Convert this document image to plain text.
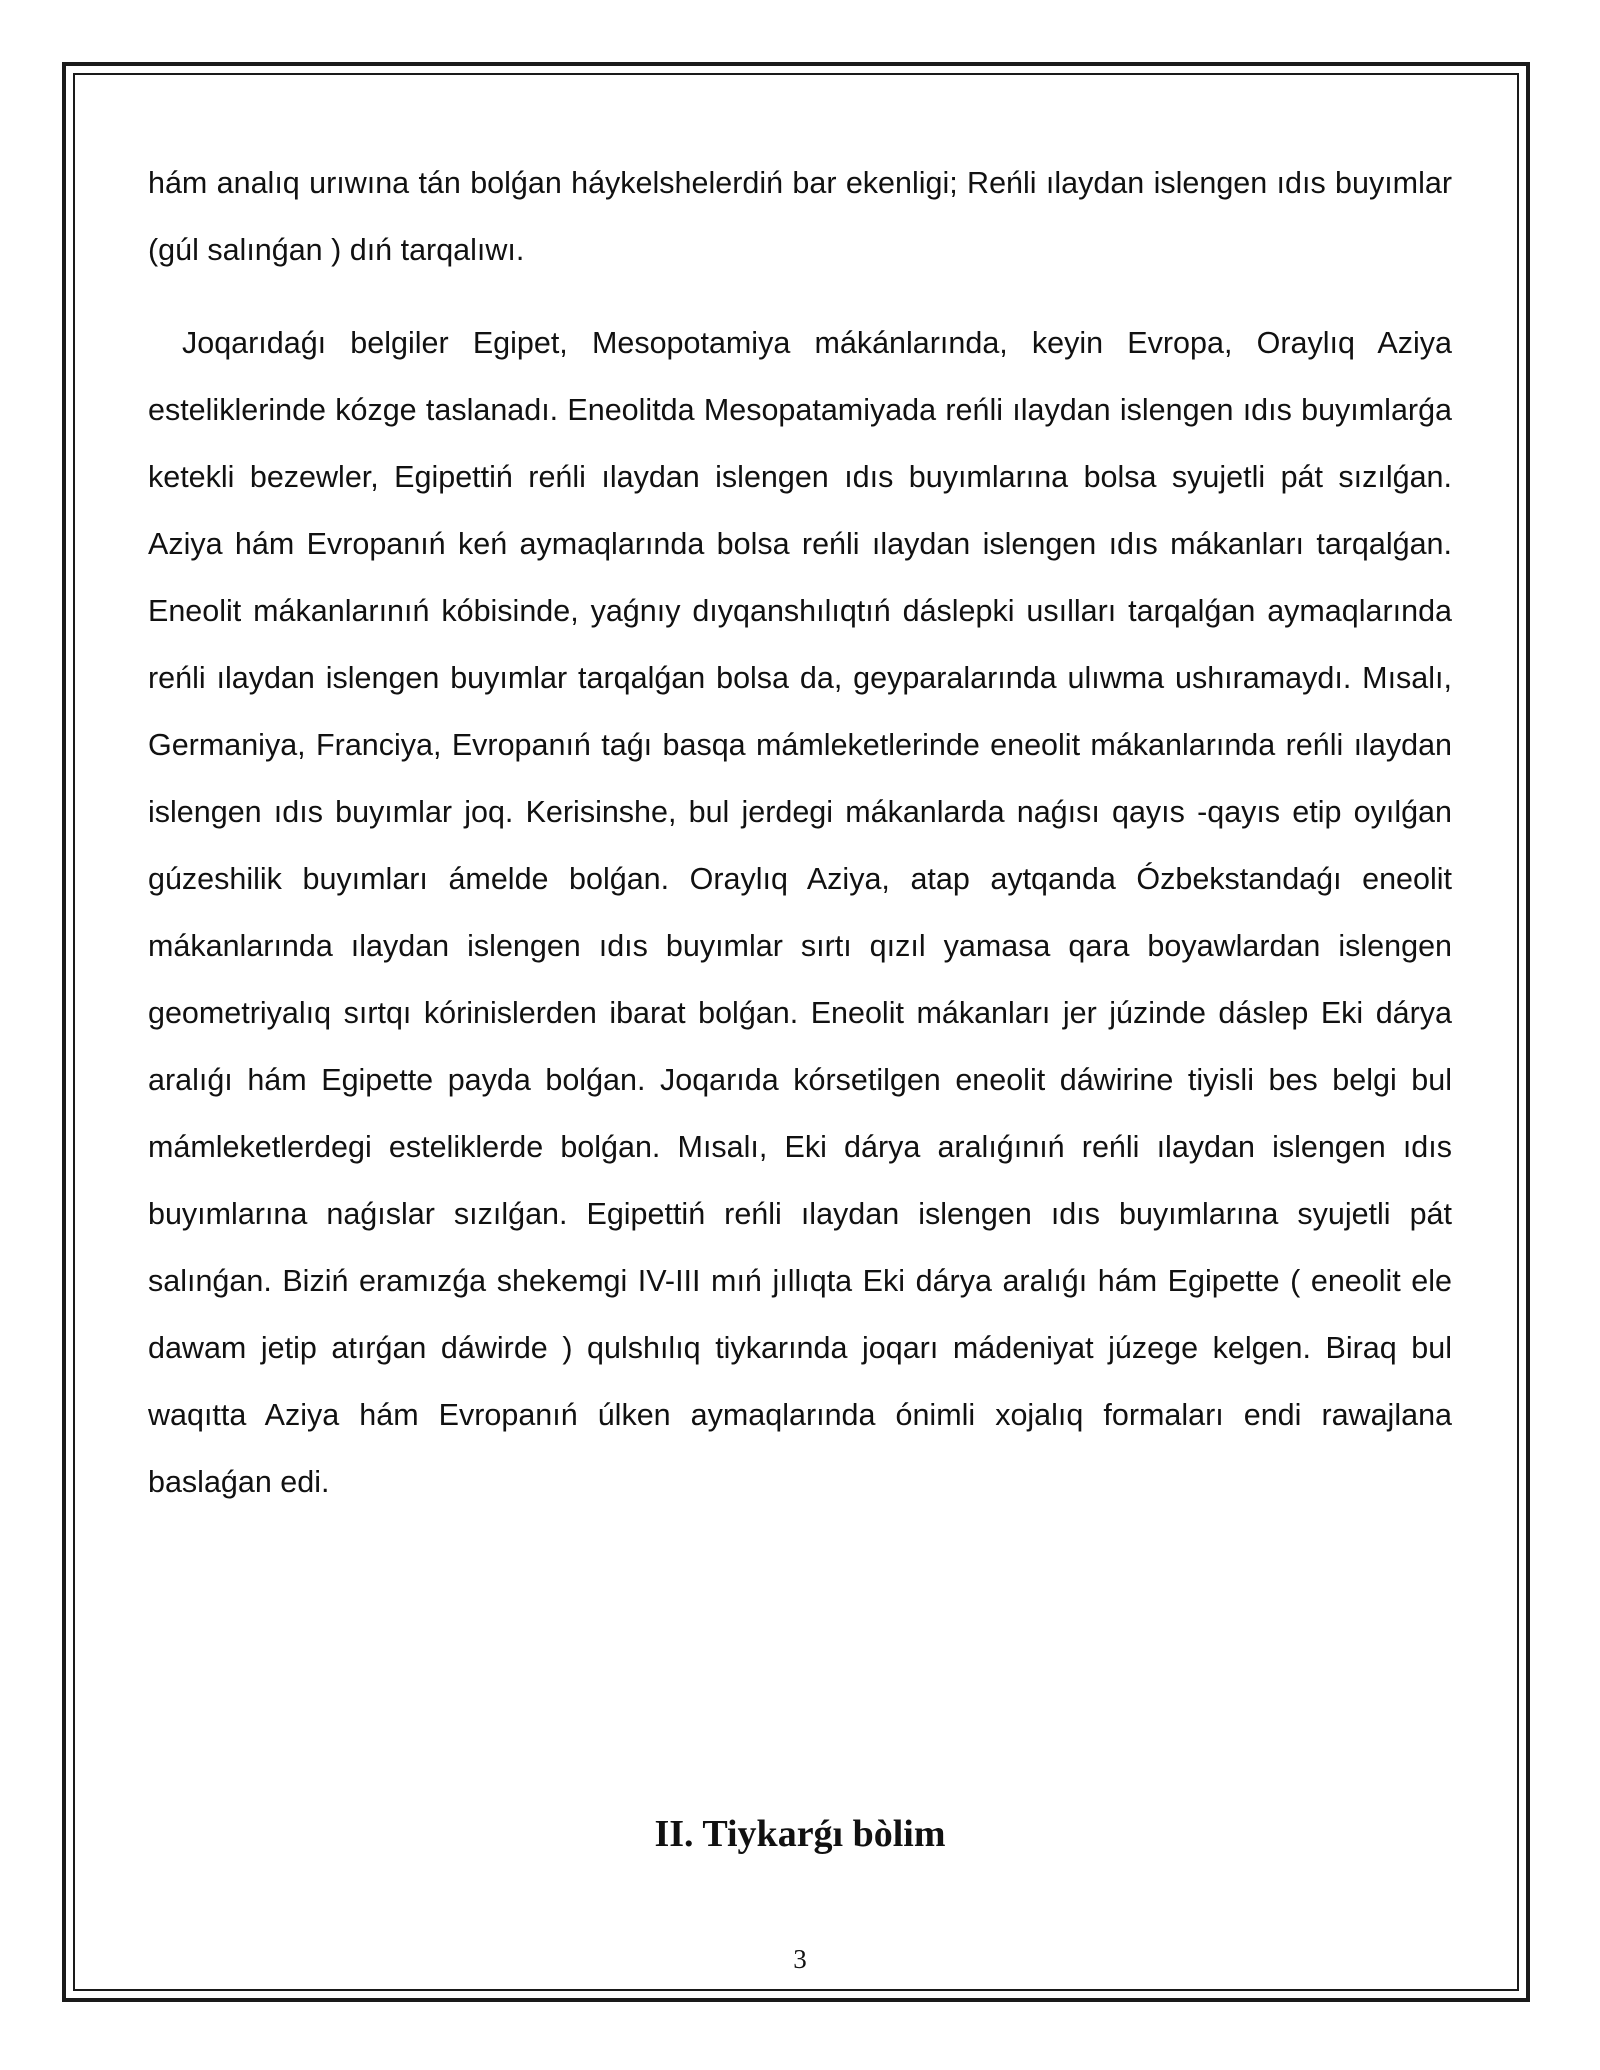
hám analıq urıwına tán bolǵan háykelshelerdiń bar ekenligi; Reńli ılaydan islengen ıdıs buyımlar (gúl salınǵan ) dıń tarqalıwı.

Joqarıdaǵı belgiler Egipet, Mesopotamiya mákánlarında, keyin Evropa, Oraylıq Aziya esteliklerinde kózge taslanadı. Eneolitda Mesopatamiyada reńli ılaydan islengen ıdıs buyımlarǵa ketekli bezewler, Egipettiń reńli ılaydan islengen ıdıs buyımlarına bolsa syujetli pát sızılǵan. Aziya hám Evropanıń keń aymaqlarında bolsa reńli ılaydan islengen ıdıs mákanları tarqalǵan. Eneolit mákanlarınıń kóbisinde, yaǵnıy dıyqanshılıqtıń dáslepki usılları tarqalǵan aymaqlarında reńli ılaydan islengen buyımlar tarqalǵan bolsa da, geyparalarında ulıwma ushıramaydı. Mısalı, Germaniya, Franciya, Evropanıń taǵı basqa mámleketlerinde eneolit mákanlarında reńli ılaydan islengen ıdıs buyımlar joq. Kerisinshe, bul jerdegi mákanlarda naǵısı qayıs -qayıs etip oyılǵan gúzeshilik buyımları ámelde bolǵan. Oraylıq Aziya, atap aytqanda Ózbekstandaǵı eneolit mákanlarında ılaydan islengen ıdıs buyımlar sırtı qızıl yamasa qara boyawlardan islengen geometriyalıq sırtqı kórinislerden ibarat bolǵan. Eneolit mákanları jer júzinde dáslep Eki dárya aralıǵı hám Egipette payda bolǵan. Joqarıda kórsetilgen eneolit dáwirine tiyisli bes belgi bul mámleketlerdegi esteliklerde bolǵan. Mısalı, Eki dárya aralıǵınıń reńli ılaydan islengen ıdıs buyımlarına naǵıslar sızılǵan. Egipettiń reńli ılaydan islengen ıdıs buyımlarına syujetli pát salınǵan. Biziń eramızǵa shekemgi IV-III mıń jıllıqta Eki dárya aralıǵı hám Egipette ( eneolit ele dawam jetip atırǵan dáwirde ) qulshılıq tiykarında joqarı mádeniyat júzege kelgen. Biraq bul waqıtta Aziya hám Evropanıń úlken aymaqlarında ónimli xojalıq formaları endi rawajlana baslaǵan edi.

II. Tiykarǵı bòlim
3
